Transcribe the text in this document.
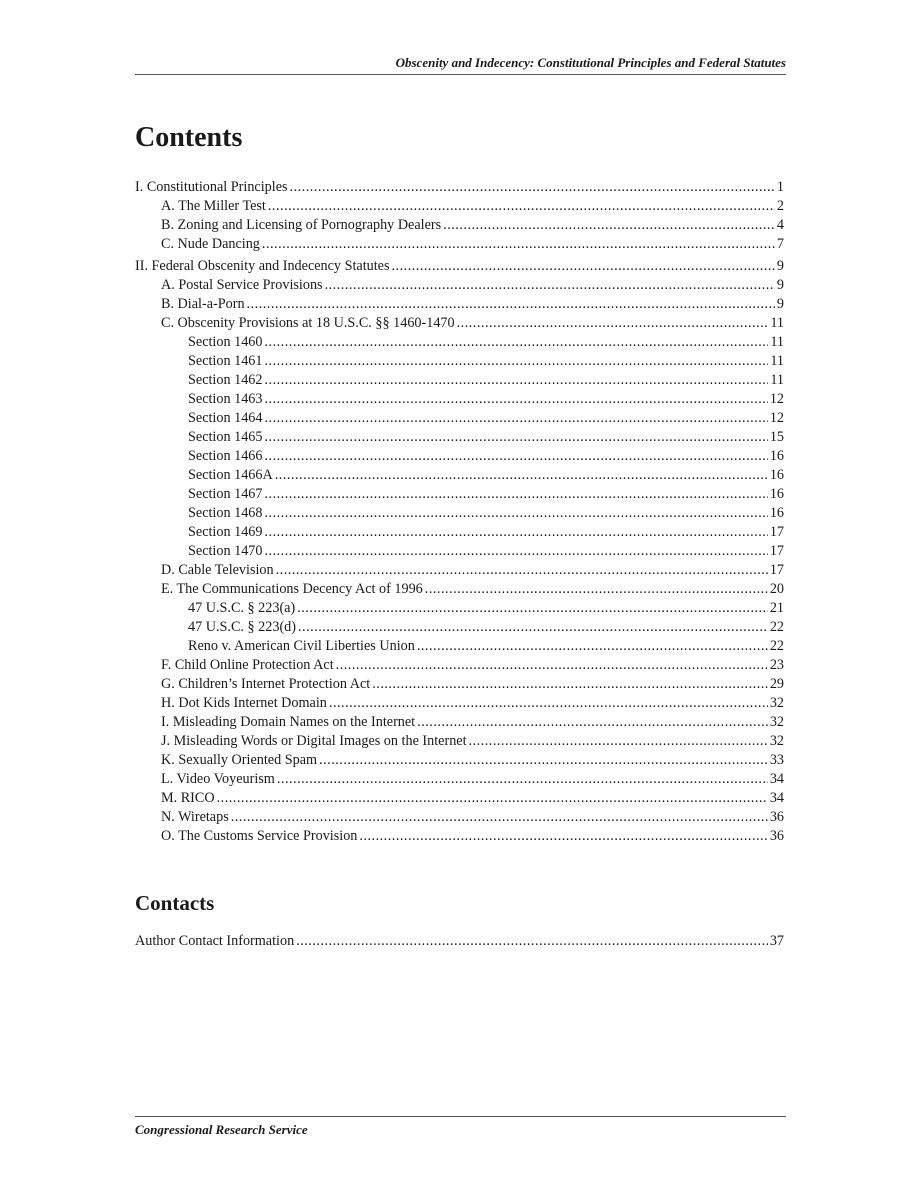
Obscenity and Indecency: Constitutional Principles and Federal Statutes
Contents
I. Constitutional Principles .....	1
A. The Miller Test .....	2
B. Zoning and Licensing of Pornography Dealers .....	4
C. Nude Dancing .....	7
II. Federal Obscenity and Indecency Statutes .....	9
A. Postal Service Provisions .....	9
B. Dial-a-Porn .....	9
C. Obscenity Provisions at 18 U.S.C. §§ 1460-1470 .....	11
Section 1460 .....	11
Section 1461 .....	11
Section 1462 .....	11
Section 1463 .....	12
Section 1464 .....	12
Section 1465 .....	15
Section 1466 .....	16
Section 1466A .....	16
Section 1467 .....	16
Section 1468 .....	16
Section 1469 .....	17
Section 1470 .....	17
D. Cable Television .....	17
E. The Communications Decency Act of 1996 .....	20
47 U.S.C. § 223(a) .....	21
47 U.S.C. § 223(d) .....	22
Reno v. American Civil Liberties Union .....	22
F. Child Online Protection Act .....	23
G. Children’s Internet Protection Act .....	29
H. Dot Kids Internet Domain .....	32
I. Misleading Domain Names on the Internet .....	32
J. Misleading Words or Digital Images on the Internet .....	32
K. Sexually Oriented Spam .....	33
L. Video Voyeurism .....	34
M. RICO .....	34
N. Wiretaps .....	36
O. The Customs Service Provision .....	36
Contacts
Author Contact Information .....	37
Congressional Research Service
